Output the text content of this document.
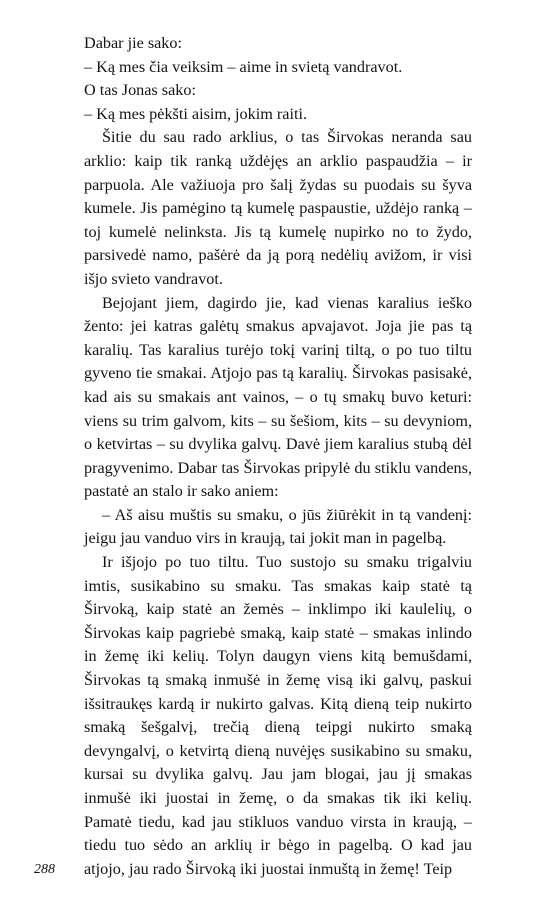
Dabar jie sako:

– Ką mes čia veiksim – aime in svietą vandravot.

O tas Jonas sako:

– Ką mes pėkšti aisim, jokim raiti.

Šitie du sau rado arklius, o tas Širvokas neranda sau arklio: kaip tik ranką uždėjęs an arklio paspaudžia – ir parpuola. Ale važiuoja pro šalį žydas su puodais su šyva kumele. Jis pamėgino tą kumelę paspaustie, uždėjo ranką – toj kumelė nelinksta. Jis tą kumelę nupirko no to žydo, parsivedė namo, pašėrė da ją porą nedėlių avižom, ir visi išjo svieto vandravot.

Bejojant jiem, dagirdo jie, kad vienas karalius ieško žento: jei katras galėtų smakus apvajavot. Joja jie pas tą karalių. Tas karalius turėjo tokį varinį tiltą, o po tuo tiltu gyveno tie smakai. Atjojo pas tą karalių. Širvokas pasisakė, kad ais su smakais ant vainos, – o tų smakų buvo keturi: viens su trim galvom, kits – su šešiom, kits – su devyniom, o ketvirtas – su dvylika galvų. Davė jiem karalius stubą dėl pragyvenimo. Dabar tas Širvokas pripylė du stiklu vandens, pastatė an stalo ir sako aniem:

– Aš aisu muštis su smaku, o jūs žiūrėkit in tą vandenį: jeigu jau vanduo virs in kraują, tai jokit man in pagelbą.

Ir išjojo po tuo tiltu. Tuo sustojo su smaku trigalviu imtis, susikabino su smaku. Tas smakas kaip statė tą Širvoką, kaip statė an žemės – inklimpo iki kaulelių, o Širvokas kaip pagriebė smaką, kaip statė – smakas inlindo in žemę iki kelių. Tolyn daugyn viens kitą bemušdami, Širvokas tą smaką inmušė in žemę visą iki galvų, paskui išsitraukęs kardą ir nukirto galvas. Kitą dieną teip nukirto smaką šešgalvį, trečią dieną teipgi nukirto smaką devyngalvį, o ketvirtą dieną nuvėjęs susikabino su smaku, kursai su dvylika galvų. Jau jam blogai, jau jį smakas inmušė iki juostai in žemę, o da smakas tik iki kelių. Pamatė tiedu, kad jau stikluos vanduo virsta in kraują, – tiedu tuo sėdo an arklių ir bėgo in pagelbą. O kad jau atjojo, jau rado Širvoką iki juostai inmuštą in žemę! Teip

288
